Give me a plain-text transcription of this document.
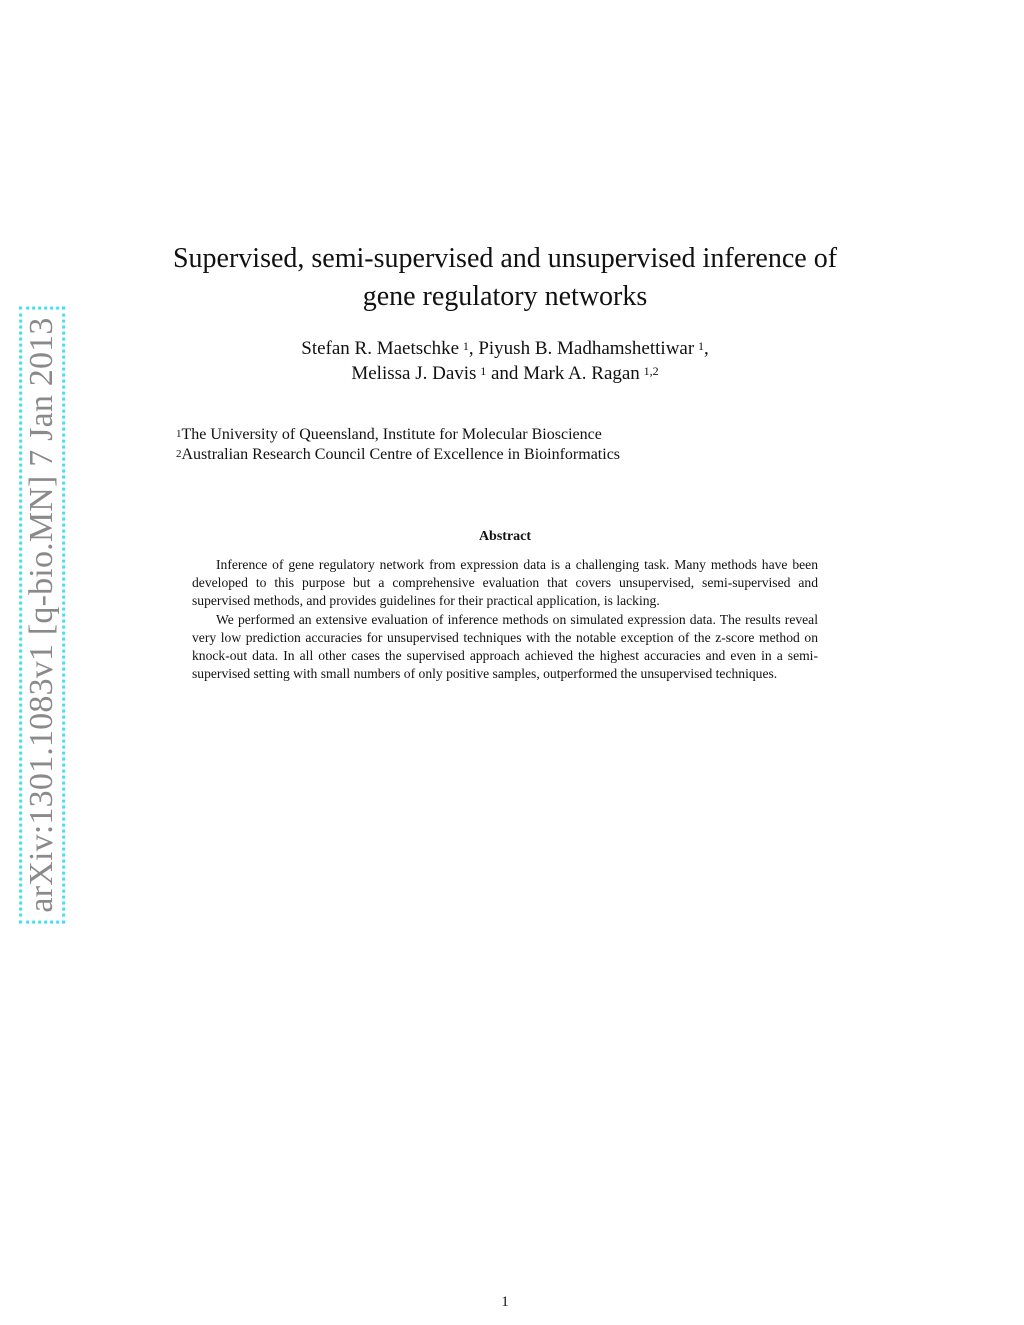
arXiv:1301.1083v1 [q-bio.MN] 7 Jan 2013
Supervised, semi-supervised and unsupervised inference of
gene regulatory networks
Stefan R. Maetschke  $^1$, Piyush B. Madhamshettiwar  $^1$,
Melissa J. Davis  $^1$ and Mark A. Ragan  $^{1,2}$
$^1$The University of Queensland, Institute for Molecular Bioscience
$^2$Australian Research Council Centre of Excellence in Bioinformatics
Abstract

Inference of gene regulatory network from expression data is a challenging task. Many methods have been developed to this purpose but a comprehensive evaluation that covers unsupervised, semi-supervised and supervised methods, and provides guidelines for their practical application, is lacking.

We performed an extensive evaluation of inference methods on simulated expression data. The results reveal very low prediction accuracies for unsupervised techniques with the notable exception of the z-score method on knock-out data. In all other cases the supervised approach achieved the highest accuracies and even in a semi-supervised setting with small numbers of only positive samples, outperformed the unsupervised techniques.

1
